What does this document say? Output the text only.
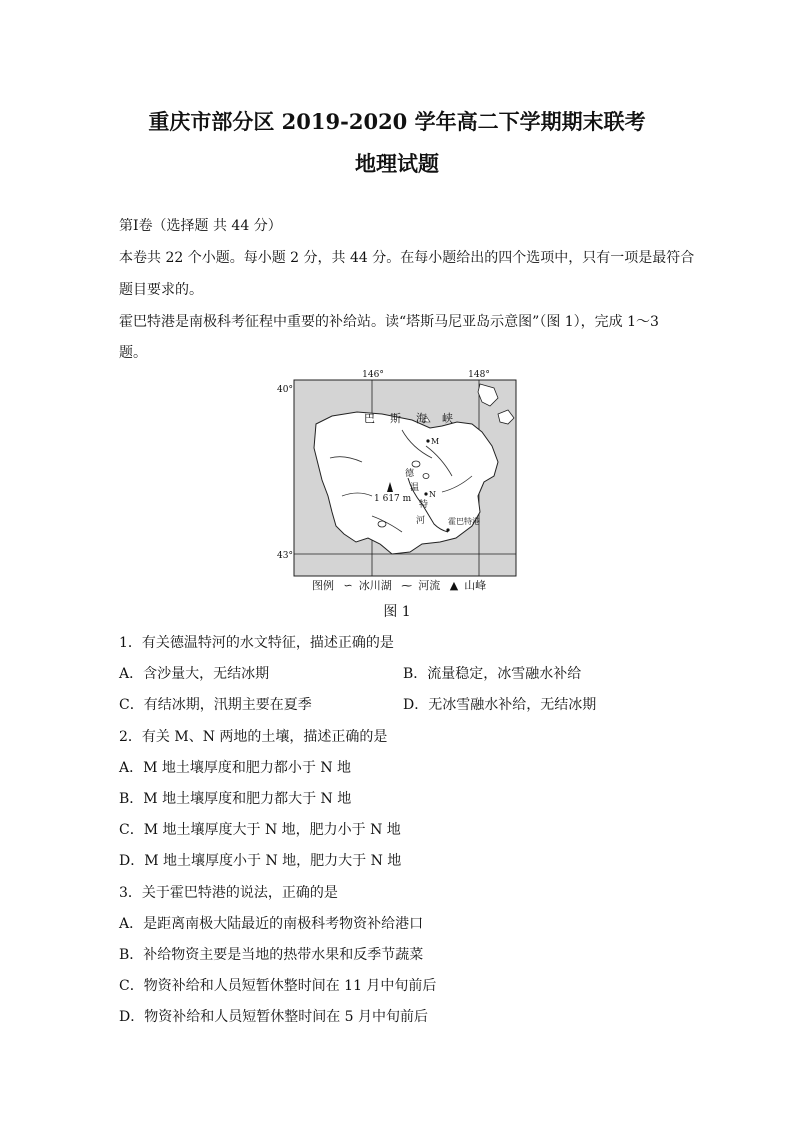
重庆市部分区 2019-2020 学年高二下学期期末联考
地理试题
第Ⅰ卷（选择题 共 44 分）
本卷共 22 个小题。每小题 2 分，共 44 分。在每小题给出的四个选项中，只有一项是最符合
题目要求的。
霍巴特港是南极科考征程中重要的补给站。读“塔斯马尼亚岛示意图”（图 1），完成 1～3
题。
146°	148°
40°
43°
巴 斯 海 峡
M
N
德
温
特
河
1 617 m
霍巴特港
图例 ∽ 冰川湖 ⁓ 河流 ▲ 山峰
图 1
1．有关德温特河的水文特征，描述正确的是
A．含沙量大，无结冰期	B．流量稳定，冰雪融水补给
C．有结冰期，汛期主要在夏季	D．无冰雪融水补给，无结冰期
2．有关 M、N 两地的土壤，描述正确的是
A．M 地土壤厚度和肥力都小于 N 地
B．M 地土壤厚度和肥力都大于 N 地
C．M 地土壤厚度大于 N 地，肥力小于 N 地
D．M 地土壤厚度小于 N 地，肥力大于 N 地
3．关于霍巴特港的说法，正确的是
A．是距离南极大陆最近的南极科考物资补给港口
B．补给物资主要是当地的热带水果和反季节蔬菜
C．物资补给和人员短暂休整时间在 11 月中旬前后
D．物资补给和人员短暂休整时间在 5 月中旬前后
